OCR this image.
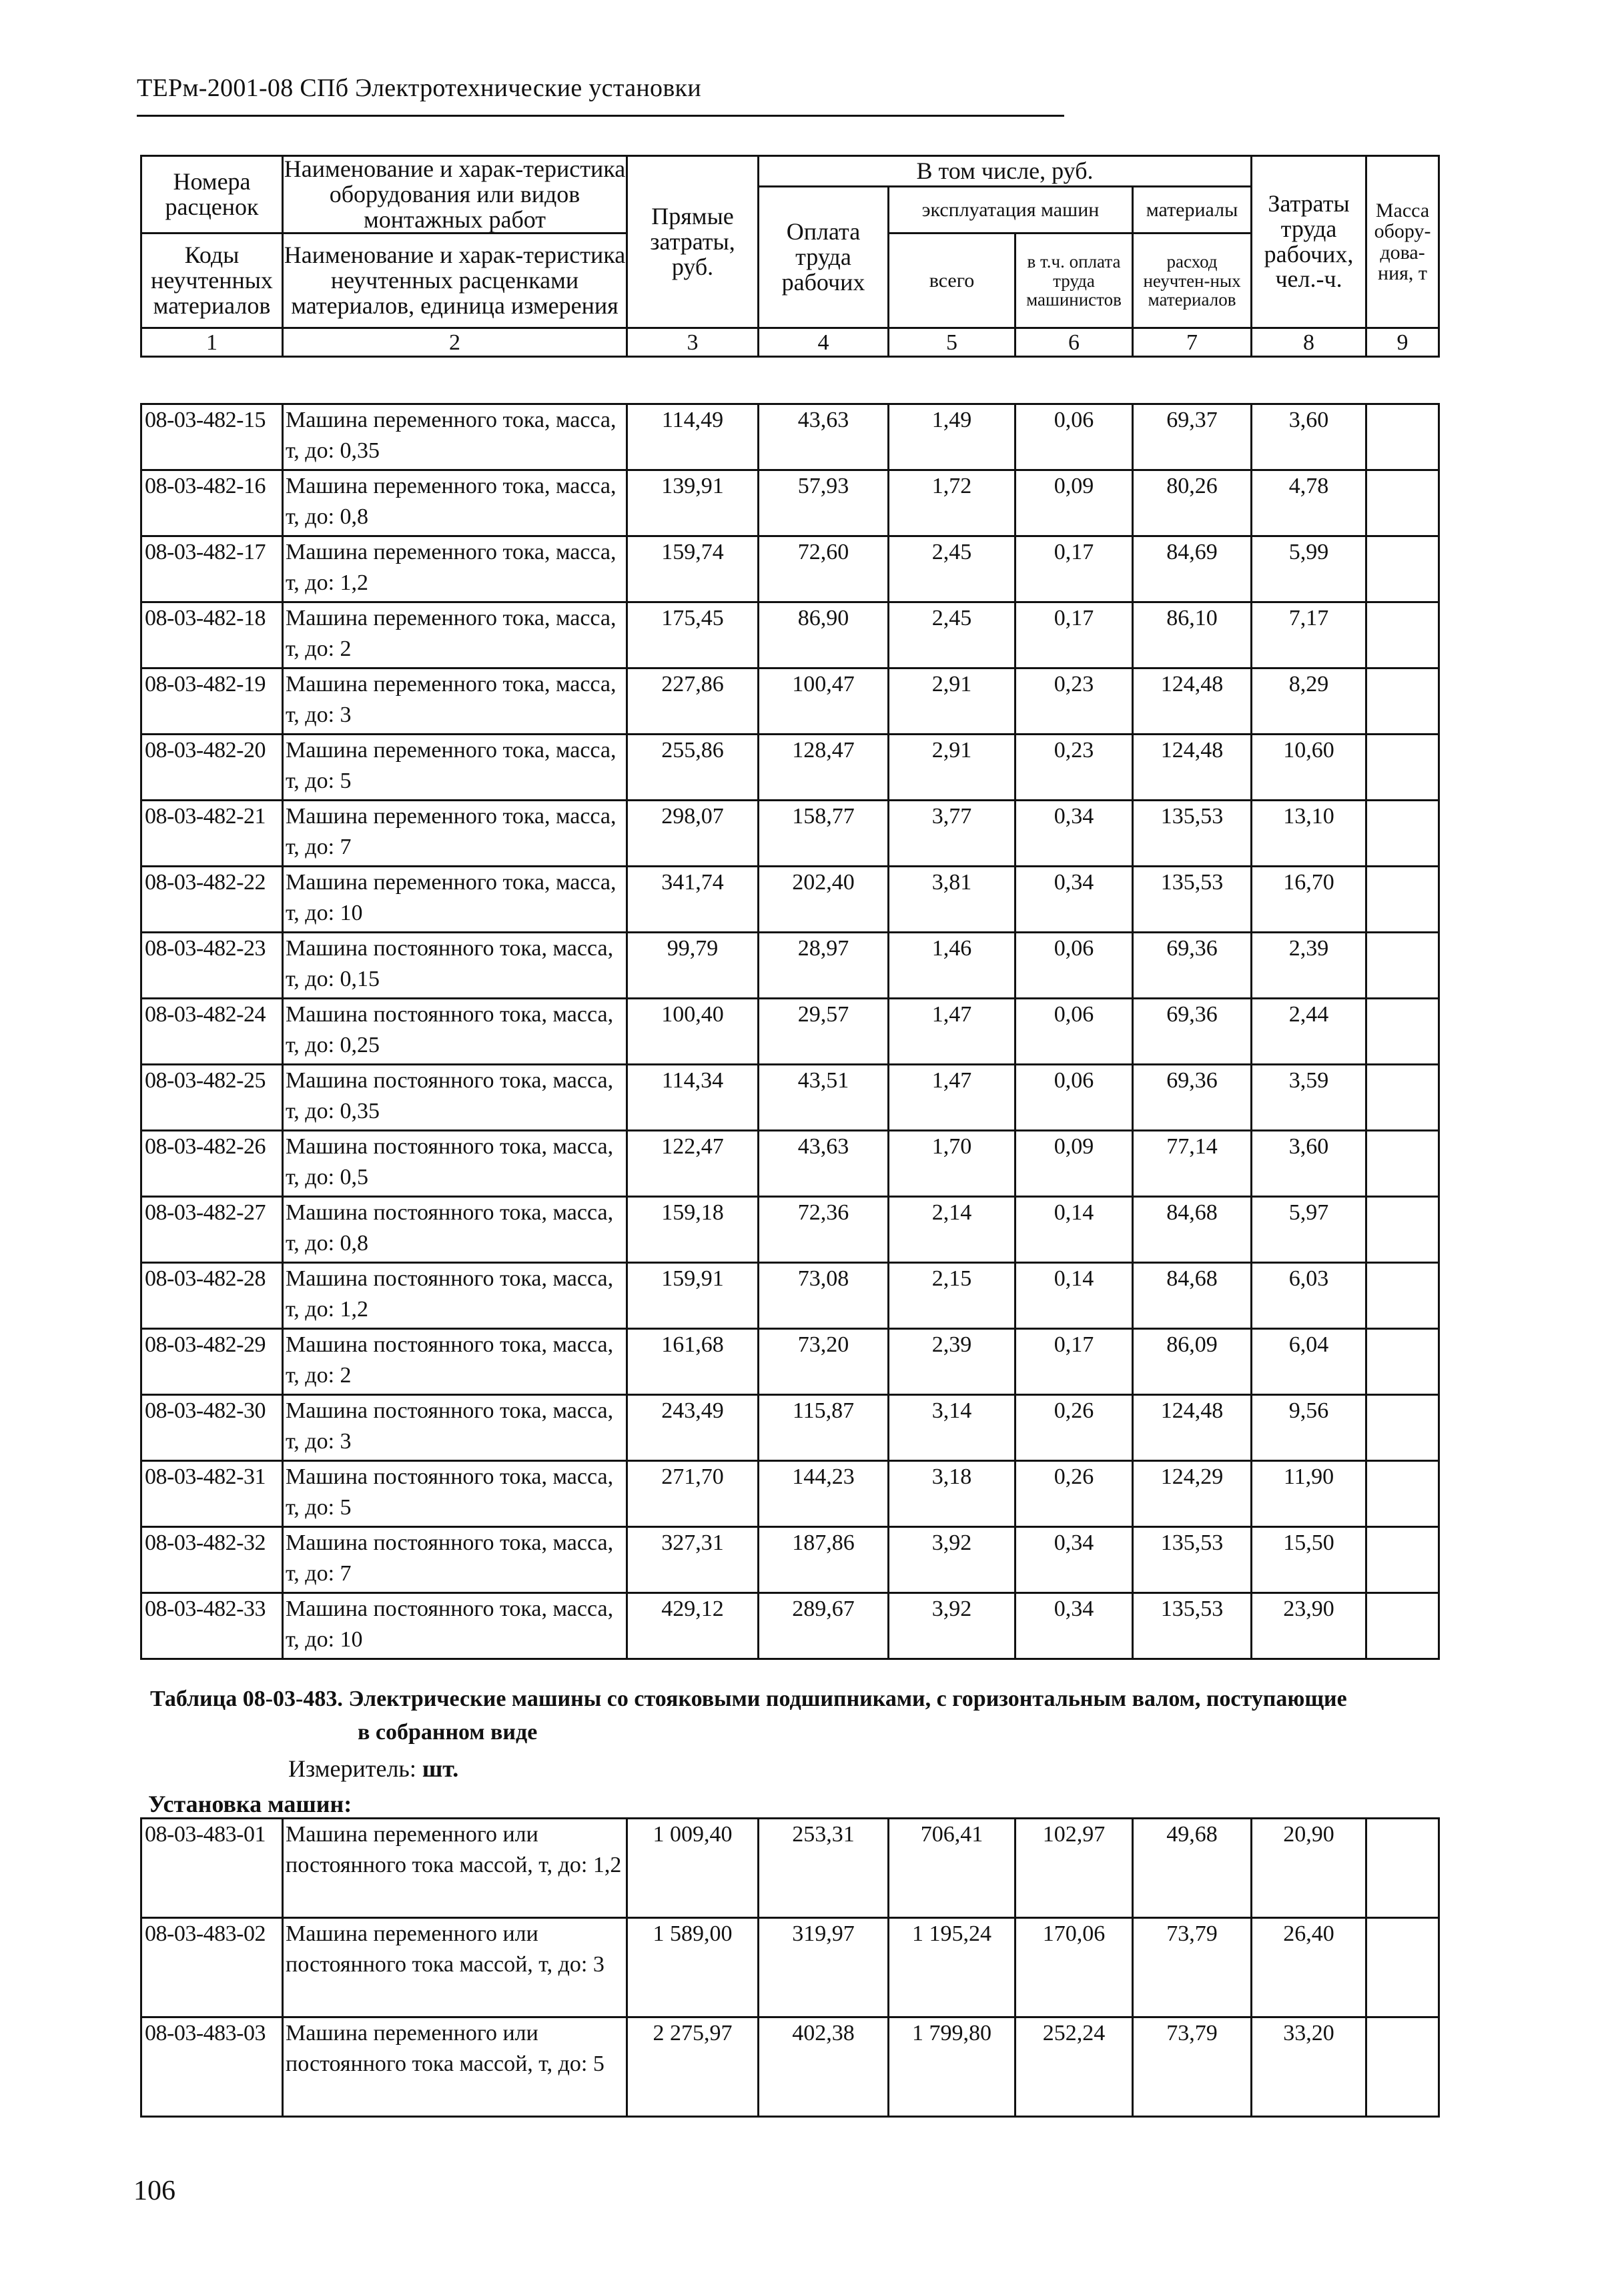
ТЕРм-2001-08 СПб Электротехнические установки
Номера расценок	Наименование и харак-теристика оборудования или видов монтажных работ	Прямые затраты, руб.	В том числе, руб.				Затраты труда рабочих, чел.-ч.	Масса обору-дова-ния, т
			Оплата труда рабочих	эксплуатация машин		материалы		
Коды неучтенных материалов	Наименование и харак-теристика неучтенных расценками материалов, единица измерения			всего	в т.ч. оплата труда машинистов	расход неучтен-ных материалов		

1	2	3	4	5	6	7	8	9
08-03-482-15	Машина переменного тока, масса, т, до: 0,35	114,49	43,63	1,49	0,06	69,37	3,60	
08-03-482-16	Машина переменного тока, масса, т, до: 0,8	139,91	57,93	1,72	0,09	80,26	4,78	
08-03-482-17	Машина переменного тока, масса, т, до: 1,2	159,74	72,60	2,45	0,17	84,69	5,99	
08-03-482-18	Машина переменного тока, масса, т, до: 2	175,45	86,90	2,45	0,17	86,10	7,17	
08-03-482-19	Машина переменного тока, масса, т, до: 3	227,86	100,47	2,91	0,23	124,48	8,29	
08-03-482-20	Машина переменного тока, масса, т, до: 5	255,86	128,47	2,91	0,23	124,48	10,60	
08-03-482-21	Машина переменного тока, масса, т, до: 7	298,07	158,77	3,77	0,34	135,53	13,10	
08-03-482-22	Машина переменного тока, масса, т, до: 10	341,74	202,40	3,81	0,34	135,53	16,70	
08-03-482-23	Машина постоянного тока, масса, т, до: 0,15	99,79	28,97	1,46	0,06	69,36	2,39	
08-03-482-24	Машина постоянного тока, масса, т, до: 0,25	100,40	29,57	1,47	0,06	69,36	2,44	
08-03-482-25	Машина постоянного тока, масса, т, до: 0,35	114,34	43,51	1,47	0,06	69,36	3,59	
08-03-482-26	Машина постоянного тока, масса, т, до: 0,5	122,47	43,63	1,70	0,09	77,14	3,60	
08-03-482-27	Машина постоянного тока, масса, т, до: 0,8	159,18	72,36	2,14	0,14	84,68	5,97	
08-03-482-28	Машина постоянного тока, масса, т, до: 1,2	159,91	73,08	2,15	0,14	84,68	6,03	
08-03-482-29	Машина постоянного тока, масса, т, до: 2	161,68	73,20	2,39	0,17	86,09	6,04	
08-03-482-30	Машина постоянного тока, масса, т, до: 3	243,49	115,87	3,14	0,26	124,48	9,56	
08-03-482-31	Машина постоянного тока, масса, т, до: 5	271,70	144,23	3,18	0,26	124,29	11,90	
08-03-482-32	Машина постоянного тока, масса, т, до: 7	327,31	187,86	3,92	0,34	135,53	15,50	
08-03-482-33	Машина постоянного тока, масса, т, до: 10	429,12	289,67	3,92	0,34	135,53	23,90	
Таблица 08-03-483. Электрические машины со стояковыми подшипниками, с горизонтальным валом, поступающие
в собранном виде
Измеритель: шт.
Установка машин:
08-03-483-01	Машина переменного или постоянного тока массой, т, до: 1,2	1 009,40	253,31	706,41	102,97	49,68	20,90	
08-03-483-02	Машина переменного или постоянного тока массой, т, до: 3	1 589,00	319,97	1 195,24	170,06	73,79	26,40	
08-03-483-03	Машина переменного или постоянного тока массой, т, до: 5	2 275,97	402,38	1 799,80	252,24	73,79	33,20	
106
